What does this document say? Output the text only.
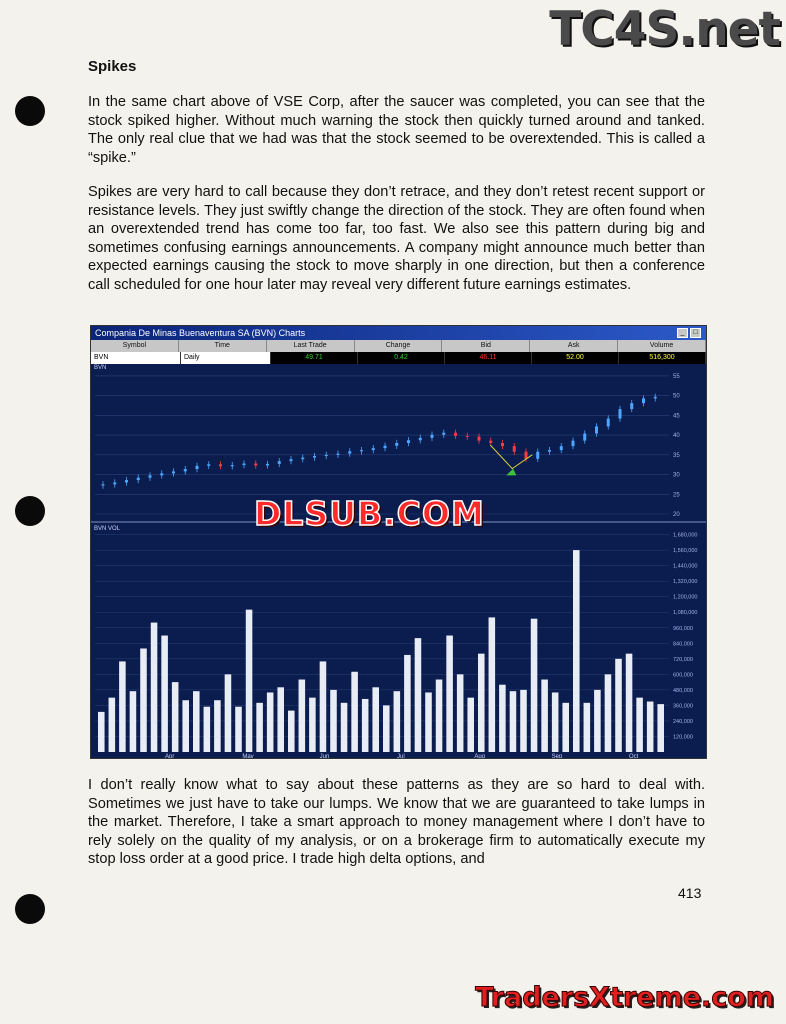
TC4S.net
Spikes

In the same chart above of VSE Corp, after the saucer was completed, you can see that the stock spiked higher. Without much warning the stock then quickly turned around and tanked. The only real clue that we had was that the stock seemed to be overextended. This is called a “spike.”

Spikes are very hard to call because they don’t retrace, and they don’t retest recent support or resistance levels. They just swiftly change the direction of the stock. They are often found when an overextended trend has come too far, too fast. We also see this pattern during big and sometimes confusing earnings announcements. A company might announce much better than expected earnings causing the stock to move sharply in one direction, but then a conference call scheduled for one hour later may reveal very different future earnings estimates.

Compania De Minas Buenaventura SA (BVN) Charts	_	□
Symbol	Time	Last Trade	Change	Bid	Ask	Volume
BVN	Daily	49.71	0.42	46.11	52.00	516,300
BVN
BVN VOL
20
25
30
35
40
45
50
55
120,000
240,000
360,000
480,000
600,000
720,000
840,000
960,000
1,080,000
1,200,000
1,320,000
1,440,000
1,560,000
1,680,000
Apr	May	Jun	Jul	Aug	Sep	Oct
DLSUB.COM

I don’t really know what to say about these patterns as they are so hard to deal with. Sometimes we just have to take our lumps. We know that we are guaranteed to take lumps in the market. Therefore, I take a smart approach to money management where I don’t have to rely solely on the quality of my analysis, or on a brokerage firm to automatically execute my stop loss order at a good price. I trade high delta options, and

413
TradersXtreme.com
